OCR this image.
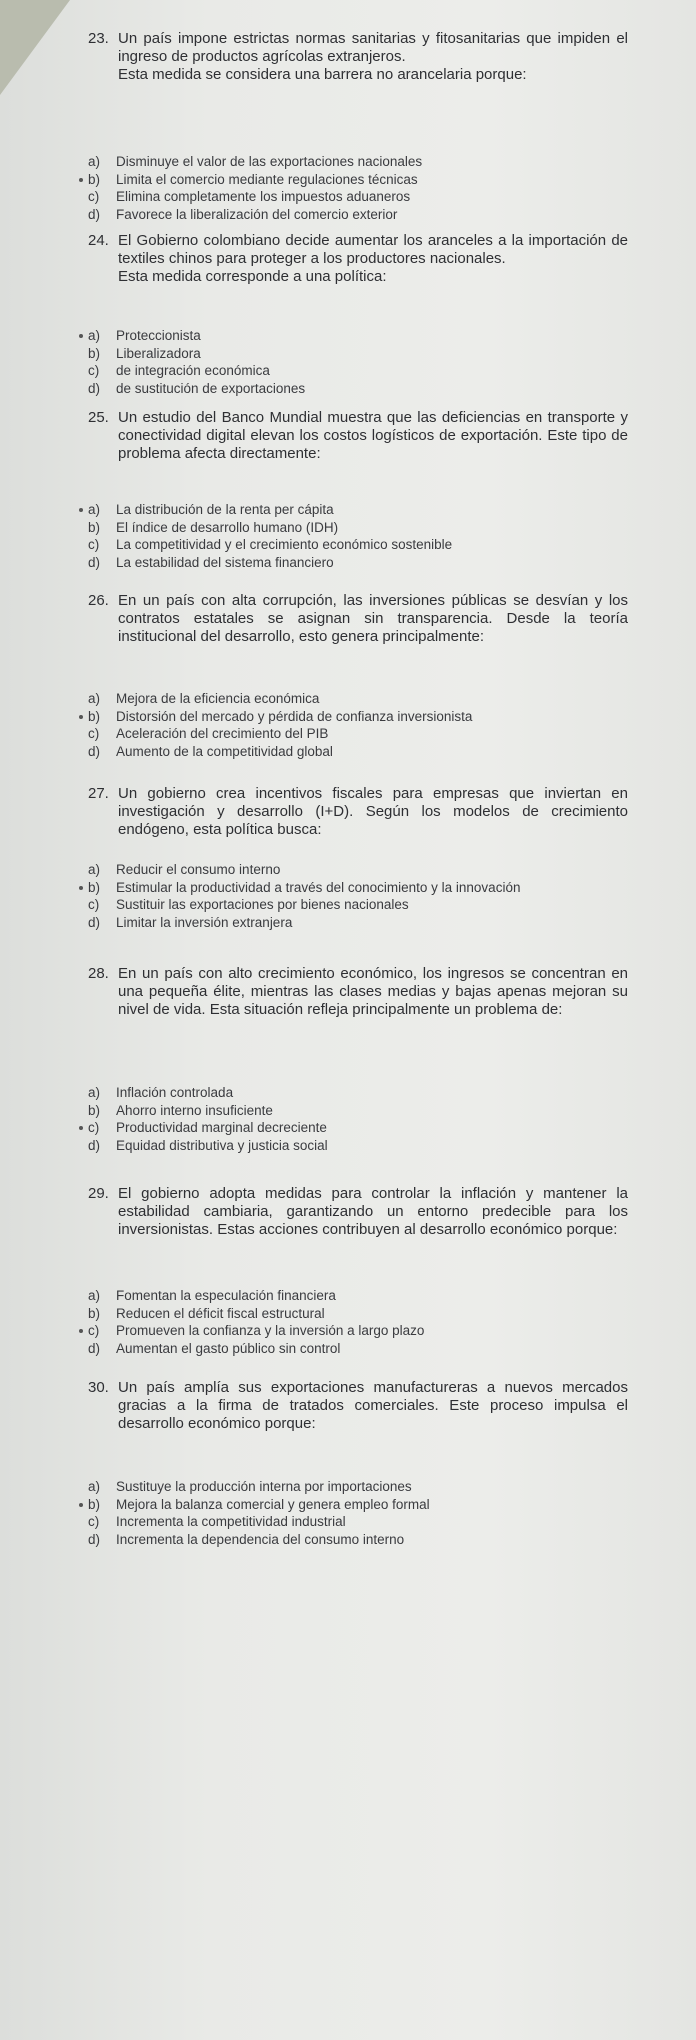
23. Un país impone estrictas normas sanitarias y fitosanitarias que impiden el ingreso de productos agrícolas extranjeros.

Esta medida se considera una barrera no arancelaria porque:

a) Disminuye el valor de las exportaciones nacionales
b) Limita el comercio mediante regulaciones técnicas
c) Elimina completamente los impuestos aduaneros
d) Favorece la liberalización del comercio exterior
24. El Gobierno colombiano decide aumentar los aranceles a la importación de textiles chinos para proteger a los productores nacionales.

Esta medida corresponde a una política:

a) Proteccionista
b) Liberalizadora
c) de integración económica
d) de sustitución de exportaciones
25. Un estudio del Banco Mundial muestra que las deficiencias en transporte y conectividad digital elevan los costos logísticos de exportación. Este tipo de problema afecta directamente:

a) La distribución de la renta per cápita
b) El índice de desarrollo humano (IDH)
c) La competitividad y el crecimiento económico sostenible
d) La estabilidad del sistema financiero
26. En un país con alta corrupción, las inversiones públicas se desvían y los contratos estatales se asignan sin transparencia. Desde la teoría institucional del desarrollo, esto genera principalmente:

a) Mejora de la eficiencia económica
b) Distorsión del mercado y pérdida de confianza inversionista
c) Aceleración del crecimiento del PIB
d) Aumento de la competitividad global
27. Un gobierno crea incentivos fiscales para empresas que inviertan en investigación y desarrollo (I+D). Según los modelos de crecimiento endógeno, esta política busca:

a) Reducir el consumo interno
b) Estimular la productividad a través del conocimiento y la innovación
c) Sustituir las exportaciones por bienes nacionales
d) Limitar la inversión extranjera
28. En un país con alto crecimiento económico, los ingresos se concentran en una pequeña élite, mientras las clases medias y bajas apenas mejoran su nivel de vida. Esta situación refleja principalmente un problema de:

a) Inflación controlada
b) Ahorro interno insuficiente
c) Productividad marginal decreciente
d) Equidad distributiva y justicia social
29. El gobierno adopta medidas para controlar la inflación y mantener la estabilidad cambiaria, garantizando un entorno predecible para los inversionistas. Estas acciones contribuyen al desarrollo económico porque:

a) Fomentan la especulación financiera
b) Reducen el déficit fiscal estructural
c) Promueven la confianza y la inversión a largo plazo
d) Aumentan el gasto público sin control
30. Un país amplía sus exportaciones manufactureras a nuevos mercados gracias a la firma de tratados comerciales. Este proceso impulsa el desarrollo económico porque:

a) Sustituye la producción interna por importaciones
b) Mejora la balanza comercial y genera empleo formal
c) Incrementa la competitividad industrial
d) Incrementa la dependencia del consumo interno
